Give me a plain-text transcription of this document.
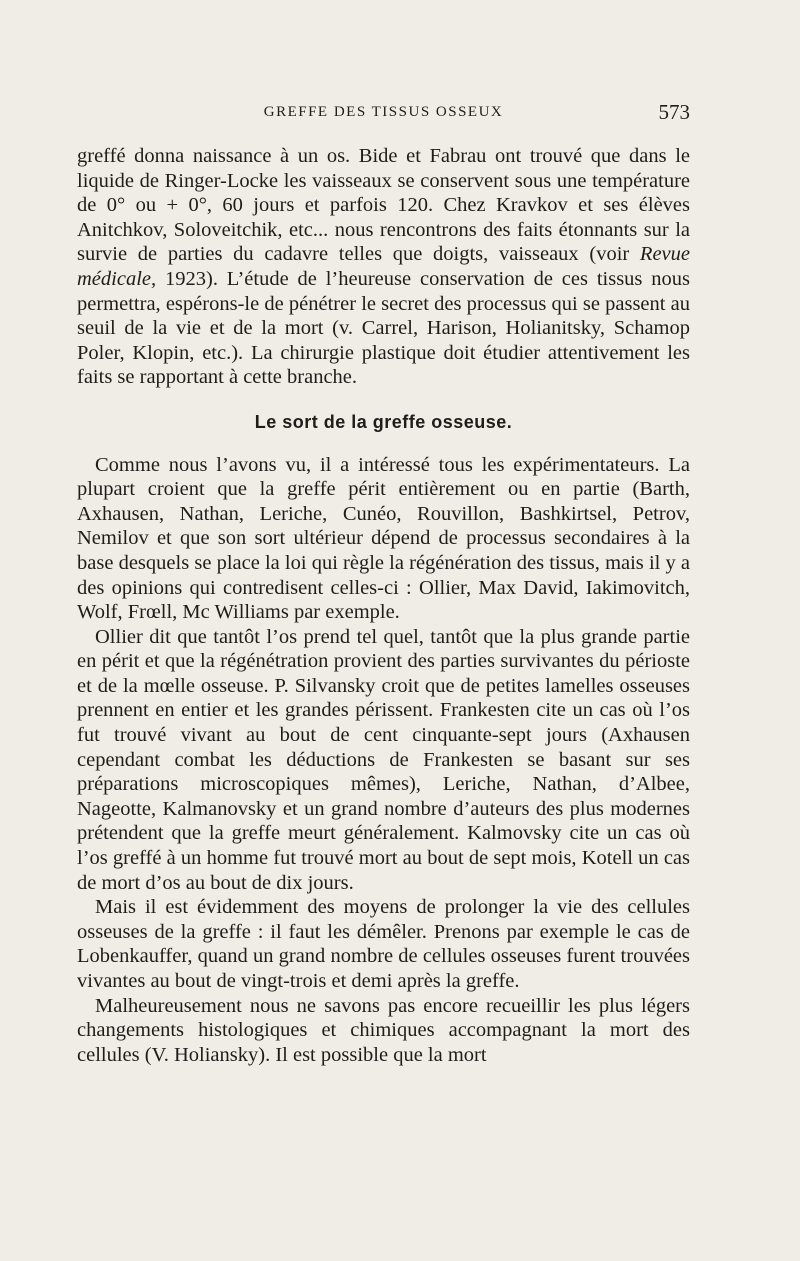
GREFFE DES TISSUS OSSEUX	573

greffé donna naissance à un os. Bide et Fabrau ont trouvé que dans le liquide de Ringer-Locke les vaisseaux se conservent sous une température de 0° ou + 0°, 60 jours et parfois 120. Chez Kravkov et ses élèves Anitchkov, Soloveitchik, etc... nous rencontrons des faits étonnants sur la survie de parties du cadavre telles que doigts, vaisseaux (voir Revue médicale, 1923). L’étude de l’heureuse conservation de ces tissus nous permettra, espérons-le de pénétrer le secret des processus qui se passent au seuil de la vie et de la mort (v. Carrel, Harison, Holianitsky, Schamop Poler, Klopin, etc.). La chirurgie plastique doit étudier attentivement les faits se rapportant à cette branche.

Le sort de la greffe osseuse.

Comme nous l’avons vu, il a intéressé tous les expérimentateurs. La plupart croient que la greffe périt entièrement ou en partie (Barth, Axhausen, Nathan, Leriche, Cunéo, Rouvillon, Bashkirtsel, Petrov, Nemilov et que son sort ultérieur dépend de processus secondaires à la base desquels se place la loi qui règle la régénération des tissus, mais il y a des opinions qui contredisent celles-ci : Ollier, Max David, Iakimovitch, Wolf, Frœll, Mc Williams par exemple.

Ollier dit que tantôt l’os prend tel quel, tantôt que la plus grande partie en périt et que la régénétration provient des parties survivantes du périoste et de la mœlle osseuse. P. Silvansky croit que de petites lamelles osseuses prennent en entier et les grandes périssent. Frankesten cite un cas où l’os fut trouvé vivant au bout de cent cinquante-sept jours (Axhausen cependant combat les déductions de Frankesten se basant sur ses préparations microscopiques mêmes), Leriche, Nathan, d’Albee, Nageotte, Kalmanovsky et un grand nombre d’auteurs des plus modernes prétendent que la greffe meurt généralement. Kalmovsky cite un cas où l’os greffé à un homme fut trouvé mort au bout de sept mois, Kotell un cas de mort d’os au bout de dix jours.

Mais il est évidemment des moyens de prolonger la vie des cellules osseuses de la greffe : il faut les démêler. Prenons par exemple le cas de Lobenkauffer, quand un grand nombre de cellules osseuses furent trouvées vivantes au bout de vingt-trois et demi après la greffe.

Malheureusement nous ne savons pas encore recueillir les plus légers changements histologiques et chimiques accompagnant la mort des cellules (V. Holiansky). Il est possible que la mort
